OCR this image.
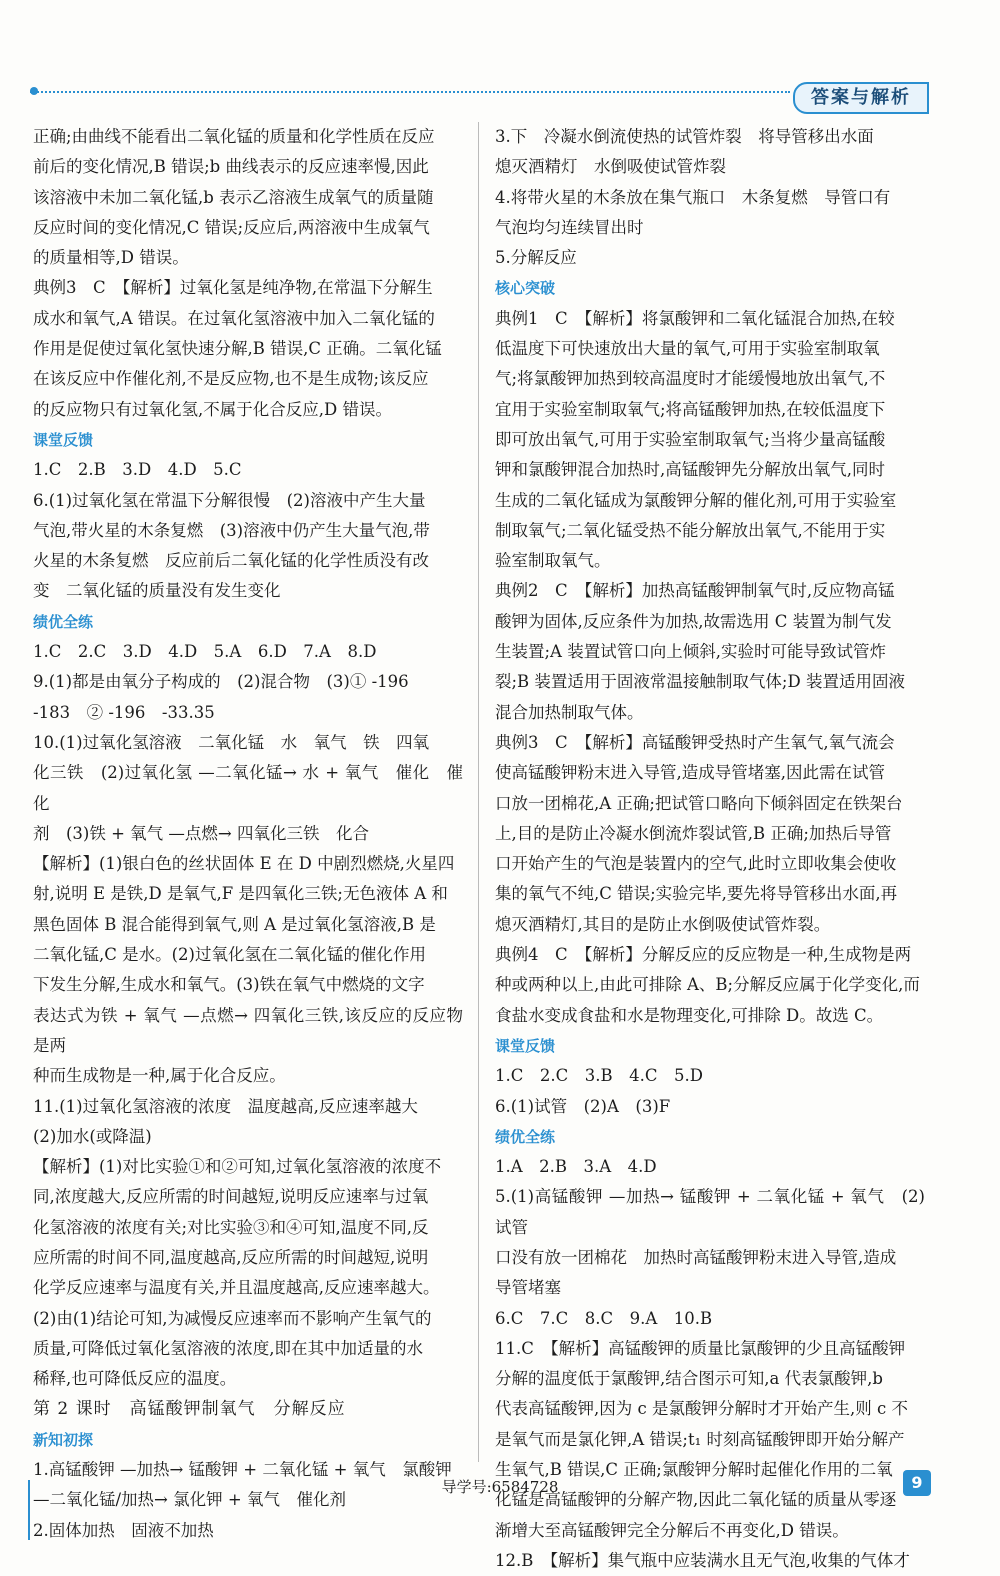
答案与解析

正确;由曲线不能看出二氧化锰的质量和化学性质在反应

前后的变化情况,B 错误;b 曲线表示的反应速率慢,因此

该溶液中未加二氧化锰,b 表示乙溶液生成氧气的质量随

反应时间的变化情况,C 错误;反应后,两溶液中生成氧气

的质量相等,D 错误。

典例3　C　【解析】过氧化氢是纯净物,在常温下分解生

成水和氧气,A 错误。在过氧化氢溶液中加入二氧化锰的

作用是促使过氧化氢快速分解,B 错误,C 正确。二氧化锰

在该反应中作催化剂,不是反应物,也不是生成物;该反应

的反应物只有过氧化氢,不属于化合反应,D 错误。

课堂反馈

1.C　2.B　3.D　4.D　5.C

6.(1)过氧化氢在常温下分解很慢　(2)溶液中产生大量

气泡,带火星的木条复燃　(3)溶液中仍产生大量气泡,带

火星的木条复燃　反应前后二氧化锰的化学性质没有改

变　二氧化锰的质量没有发生变化

绩优全练

1.C　2.C　3.D　4.D　5.A　6.D　7.A　8.D

9.(1)都是由氧分子构成的　(2)混合物　(3)① -196

-183　② -196　-33.35

10.(1)过氧化氢溶液　二氧化锰　水　氧气　铁　四氧

化三铁　(2)过氧化氢 —二氧化锰→ 水 + 氧气　催化　催化

剂　(3)铁 + 氧气 —点燃→ 四氧化三铁　化合

【解析】(1)银白色的丝状固体 E 在 D 中剧烈燃烧,火星四

射,说明 E 是铁,D 是氧气,F 是四氧化三铁;无色液体 A 和

黑色固体 B 混合能得到氧气,则 A 是过氧化氢溶液,B 是

二氧化锰,C 是水。(2)过氧化氢在二氧化锰的催化作用

下发生分解,生成水和氧气。(3)铁在氧气中燃烧的文字

表达式为铁 + 氧气 —点燃→ 四氧化三铁,该反应的反应物是两

种而生成物是一种,属于化合反应。

11.(1)过氧化氢溶液的浓度　温度越高,反应速率越大

(2)加水(或降温)

【解析】(1)对比实验①和②可知,过氧化氢溶液的浓度不

同,浓度越大,反应所需的时间越短,说明反应速率与过氧

化氢溶液的浓度有关;对比实验③和④可知,温度不同,反

应所需的时间不同,温度越高,反应所需的时间越短,说明

化学反应速率与温度有关,并且温度越高,反应速率越大。

(2)由(1)结论可知,为减慢反应速率而不影响产生氧气的

质量,可降低过氧化氢溶液的浓度,即在其中加适量的水

稀释,也可降低反应的温度。

第 2 课时　高锰酸钾制氧气　分解反应

新知初探

1.高锰酸钾 —加热→ 锰酸钾 + 二氧化锰 + 氧气　氯酸钾

—二氧化锰/加热→ 氯化钾 + 氧气　催化剂

2.固体加热　固液不加热

3.下　冷凝水倒流使热的试管炸裂　将导管移出水面

熄灭酒精灯　水倒吸使试管炸裂

4.将带火星的木条放在集气瓶口　木条复燃　导管口有

气泡均匀连续冒出时

5.分解反应

核心突破

典例1　C　【解析】将氯酸钾和二氧化锰混合加热,在较

低温度下可快速放出大量的氧气,可用于实验室制取氧

气;将氯酸钾加热到较高温度时才能缓慢地放出氧气,不

宜用于实验室制取氧气;将高锰酸钾加热,在较低温度下

即可放出氧气,可用于实验室制取氧气;当将少量高锰酸

钾和氯酸钾混合加热时,高锰酸钾先分解放出氧气,同时

生成的二氧化锰成为氯酸钾分解的催化剂,可用于实验室

制取氧气;二氧化锰受热不能分解放出氧气,不能用于实

验室制取氧气。

典例2　C　【解析】加热高锰酸钾制氧气时,反应物高锰

酸钾为固体,反应条件为加热,故需选用 C 装置为制气发

生装置;A 装置试管口向上倾斜,实验时可能导致试管炸

裂;B 装置适用于固液常温接触制取气体;D 装置适用固液

混合加热制取气体。

典例3　C　【解析】高锰酸钾受热时产生氧气,氧气流会

使高锰酸钾粉末进入导管,造成导管堵塞,因此需在试管

口放一团棉花,A 正确;把试管口略向下倾斜固定在铁架台

上,目的是防止冷凝水倒流炸裂试管,B 正确;加热后导管

口开始产生的气泡是装置内的空气,此时立即收集会使收

集的氧气不纯,C 错误;实验完毕,要先将导管移出水面,再

熄灭酒精灯,其目的是防止水倒吸使试管炸裂。

典例4　C　【解析】分解反应的反应物是一种,生成物是两

种或两种以上,由此可排除 A、B;分解反应属于化学变化,而

食盐水变成食盐和水是物理变化,可排除 D。故选 C。

课堂反馈

1.C　2.C　3.B　4.C　5.D

6.(1)试管　(2)A　(3)F

绩优全练

1.A　2.B　3.A　4.D

5.(1)高锰酸钾 —加热→ 锰酸钾 + 二氧化锰 + 氧气　(2)试管

口没有放一团棉花　加热时高锰酸钾粉末进入导管,造成

导管堵塞

6.C　7.C　8.C　9.A　10.B

11.C　【解析】高锰酸钾的质量比氯酸钾的少且高锰酸钾

分解的温度低于氯酸钾,结合图示可知,a 代表氯酸钾,b

代表高锰酸钾,因为 c 是氯酸钾分解时才开始产生,则 c 不

是氧气而是氯化钾,A 错误;t₁ 时刻高锰酸钾即开始分解产

生氧气,B 错误,C 正确;氯酸钾分解时起催化作用的二氧

化锰是高锰酸钾的分解产物,因此二氧化锰的质量从零逐

渐增大至高锰酸钾完全分解后不再变化,D 错误。

12.B　【解析】集气瓶中应装满水且无气泡,收集的气体才

导学号:6584728	9
